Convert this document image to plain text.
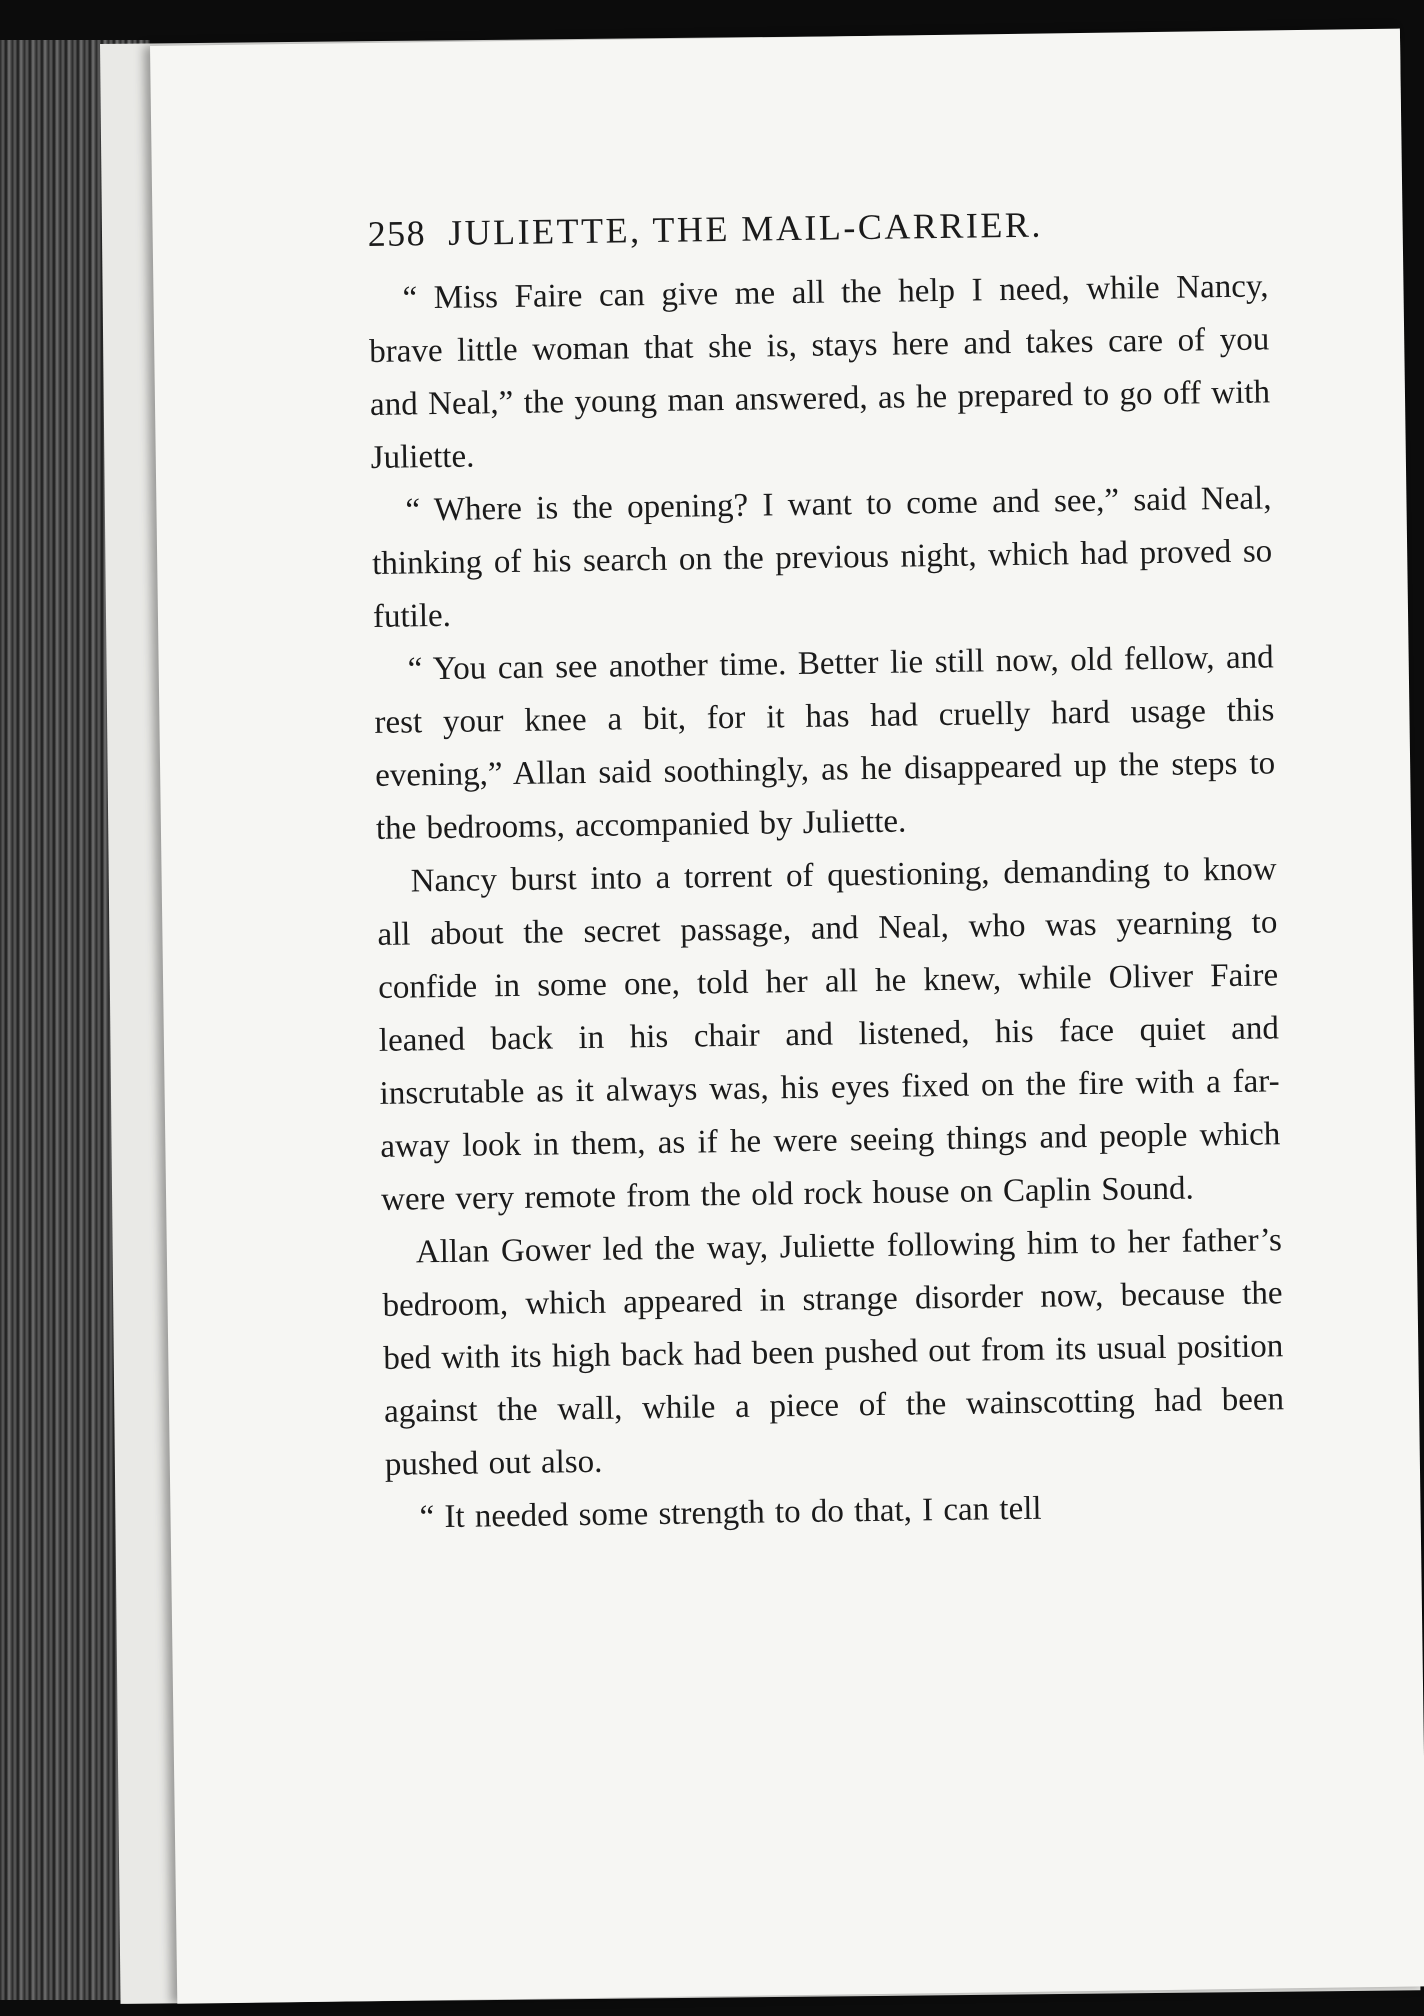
258 JULIETTE, THE MAIL-CARRIER.

“ Miss Faire can give me all the help I need, while Nancy, brave little woman that she is, stays here and takes care of you and Neal,” the young man answered, as he prepared to go off with Juliette.

“ Where is the opening? I want to come and see,” said Neal, thinking of his search on the previous night, which had proved so futile.

“ You can see another time. Better lie still now, old fellow, and rest your knee a bit, for it has had cruelly hard usage this evening,” Allan said soothingly, as he disappeared up the steps to the bedrooms, accompanied by Juliette.

Nancy burst into a torrent of questioning, demanding to know all about the secret passage, and Neal, who was yearning to confide in some one, told her all he knew, while Oliver Faire leaned back in his chair and listened, his face quiet and inscrutable as it always was, his eyes fixed on the fire with a far-away look in them, as if he were seeing things and people which were very remote from the old rock house on Caplin Sound.

Allan Gower led the way, Juliette following him to her father’s bedroom, which appeared in strange disorder now, because the bed with its high back had been pushed out from its usual position against the wall, while a piece of the wainscotting had been pushed out also.

“ It needed some strength to do that, I can tell
